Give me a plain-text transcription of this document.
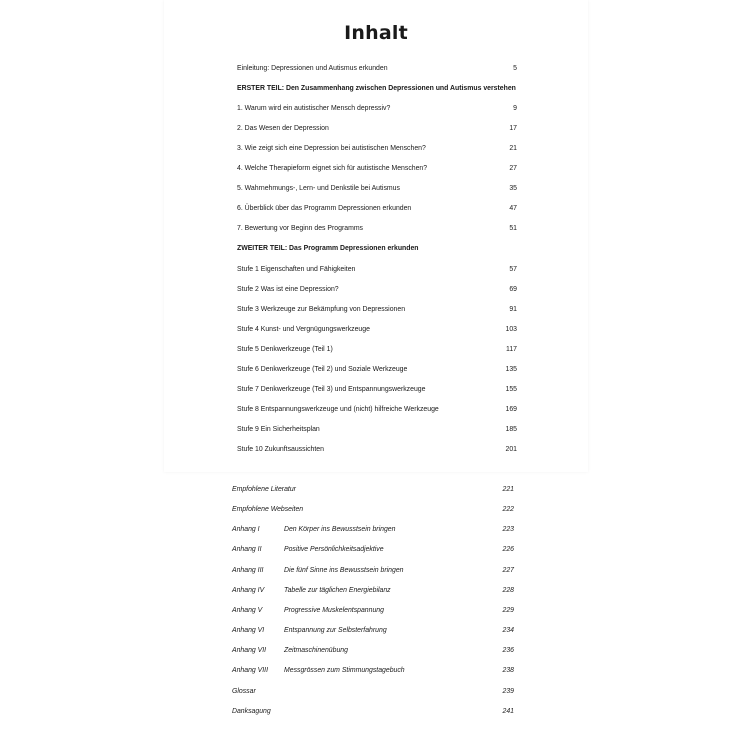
Inhalt
Einleitung: Depressionen und Autismus erkunden	5
ERSTER TEIL: Den Zusammenhang zwischen Depressionen und Autismus verstehen
1. Warum wird ein autistischer Mensch depressiv?	9
2. Das Wesen der Depression	17
3. Wie zeigt sich eine Depression bei autistischen Menschen?	21
4. Welche Therapieform eignet sich für autistische Menschen?	27
5. Wahrnehmungs-, Lern- und Denkstile bei Autismus	35
6. Überblick über das Programm Depressionen erkunden	47
7. Bewertung vor Beginn des Programms	51
ZWEITER TEIL: Das Programm Depressionen erkunden
Stufe 1 Eigenschaften und Fähigkeiten	57
Stufe 2 Was ist eine Depression?	69
Stufe 3 Werkzeuge zur Bekämpfung von Depressionen	91
Stufe 4 Kunst- und Vergnügungswerkzeuge	103
Stufe 5 Denkwerkzeuge (Teil 1)	117
Stufe 6 Denkwerkzeuge (Teil 2) und Soziale Werkzeuge	135
Stufe 7 Denkwerkzeuge (Teil 3) und Entspannungswerkzeuge	155
Stufe 8 Entspannungswerkzeuge und (nicht) hilfreiche Werkzeuge	169
Stufe 9 Ein Sicherheitsplan	185
Stufe 10 Zukunftsaussichten	201
Empfohlene Literatur	221
Empfohlene Webseiten	222
Anhang I	Den Körper ins Bewusstsein bringen	223
Anhang II	Positive Persönlichkeitsadjektive	226
Anhang III	Die fünf Sinne ins Bewusstsein bringen	227
Anhang IV	Tabelle zur täglichen Energiebilanz	228
Anhang V	Progressive Muskelentspannung	229
Anhang VI	Entspannung zur Selbsterfahrung	234
Anhang VII	Zeitmaschinenübung	236
Anhang VIII Messgrössen zum Stimmungstagebuch	238
Glossar	239
Danksagung	241
